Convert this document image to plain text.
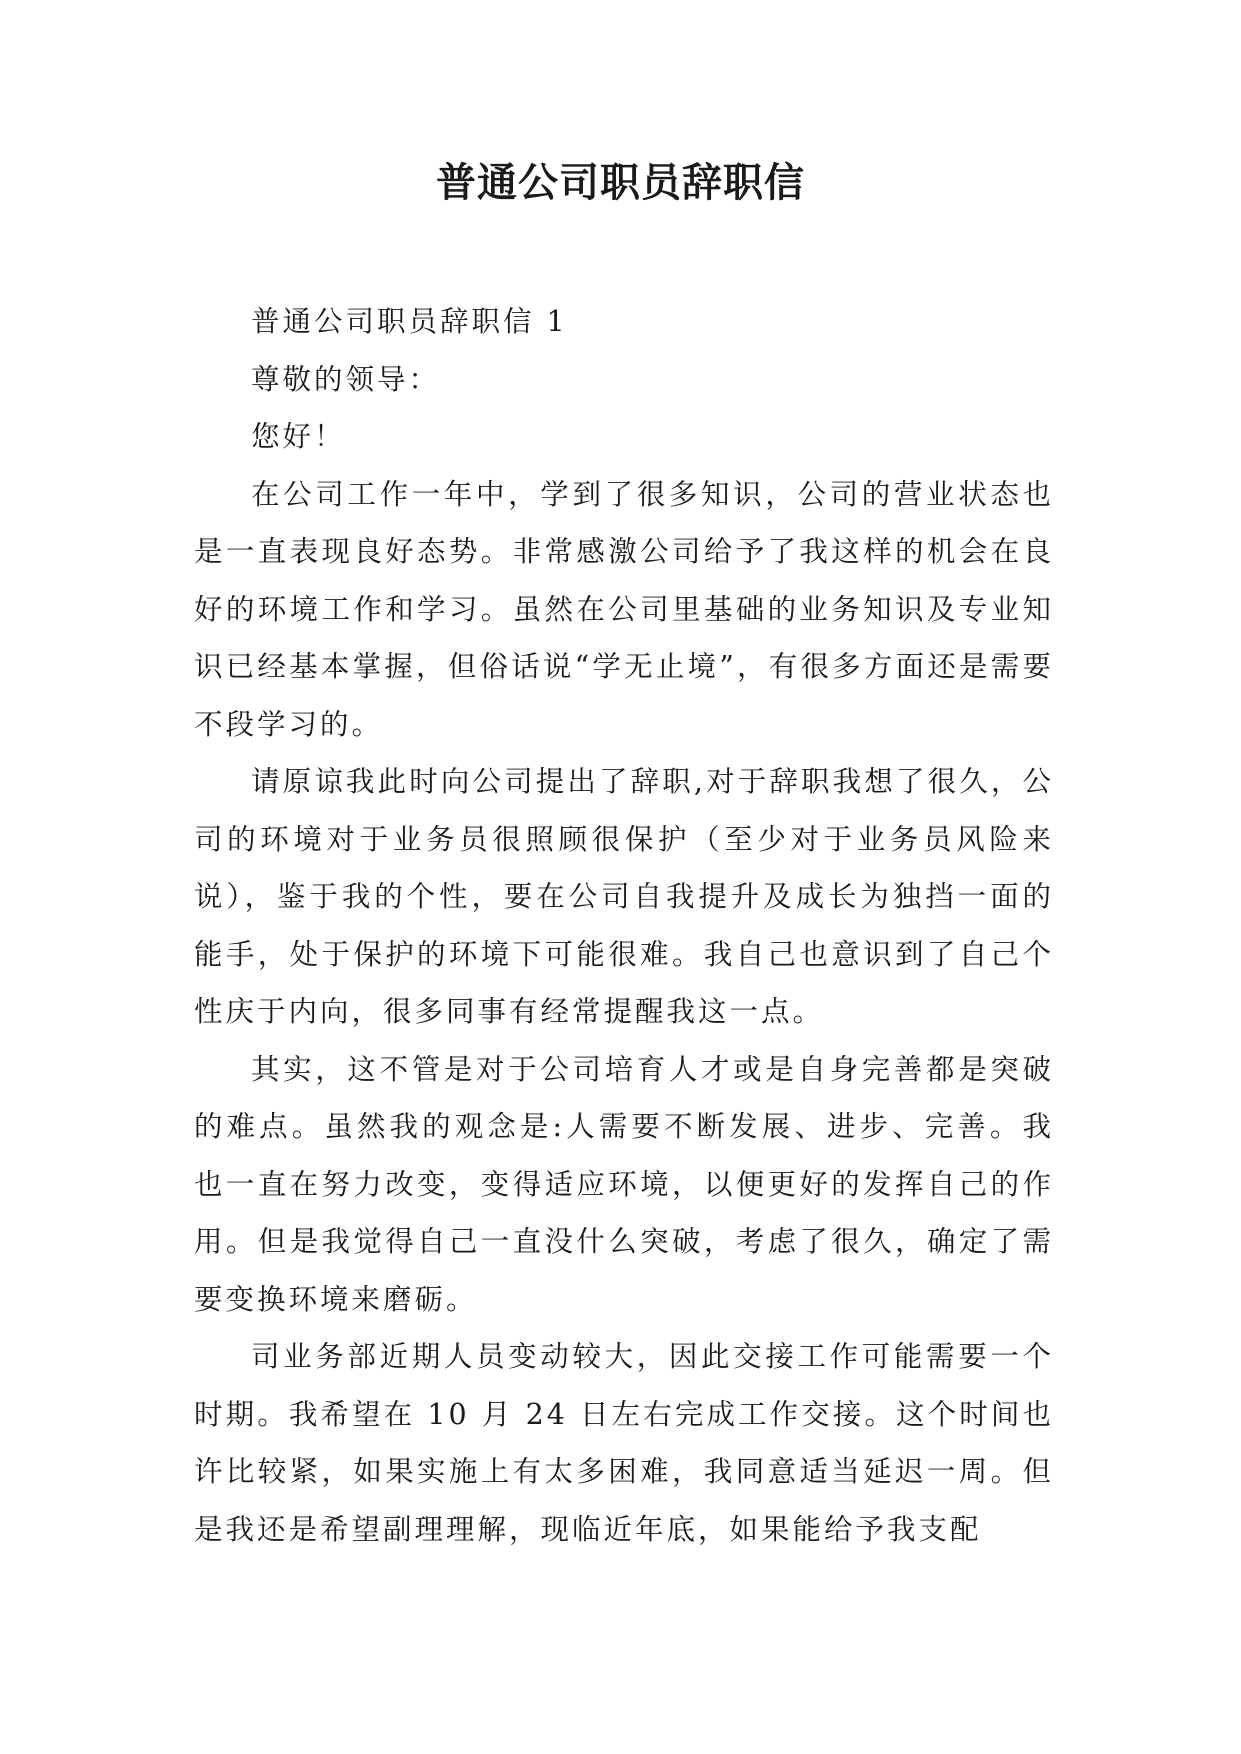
普通公司职员辞职信

普通公司职员辞职信 1

尊敬的领导：

您好！

在公司工作一年中，学到了很多知识，公司的营业状态也是一直表现良好态势。非常感激公司给予了我这样的机会在良好的环境工作和学习。虽然在公司里基础的业务知识及专业知识已经基本掌握，但俗话说“学无止境”，有很多方面还是需要不段学习的。

请原谅我此时向公司提出了辞职,对于辞职我想了很久，公司的环境对于业务员很照顾很保护（至少对于业务员风险来说），鉴于我的个性，要在公司自我提升及成长为独挡一面的能手，处于保护的环境下可能很难。我自己也意识到了自己个性庆于内向，很多同事有经常提醒我这一点。

其实，这不管是对于公司培育人才或是自身完善都是突破的难点。虽然我的观念是:人需要不断发展、进步、完善。我也一直在努力改变，变得适应环境，以便更好的发挥自己的作用。但是我觉得自己一直没什么突破，考虑了很久，确定了需要变换环境来磨砺。

司业务部近期人员变动较大，因此交接工作可能需要一个时期。我希望在 10 月 24 日左右完成工作交接。这个时间也许比较紧，如果实施上有太多困难，我同意适当延迟一周。但是我还是希望副理理解，现临近年底，如果能给予我支配
